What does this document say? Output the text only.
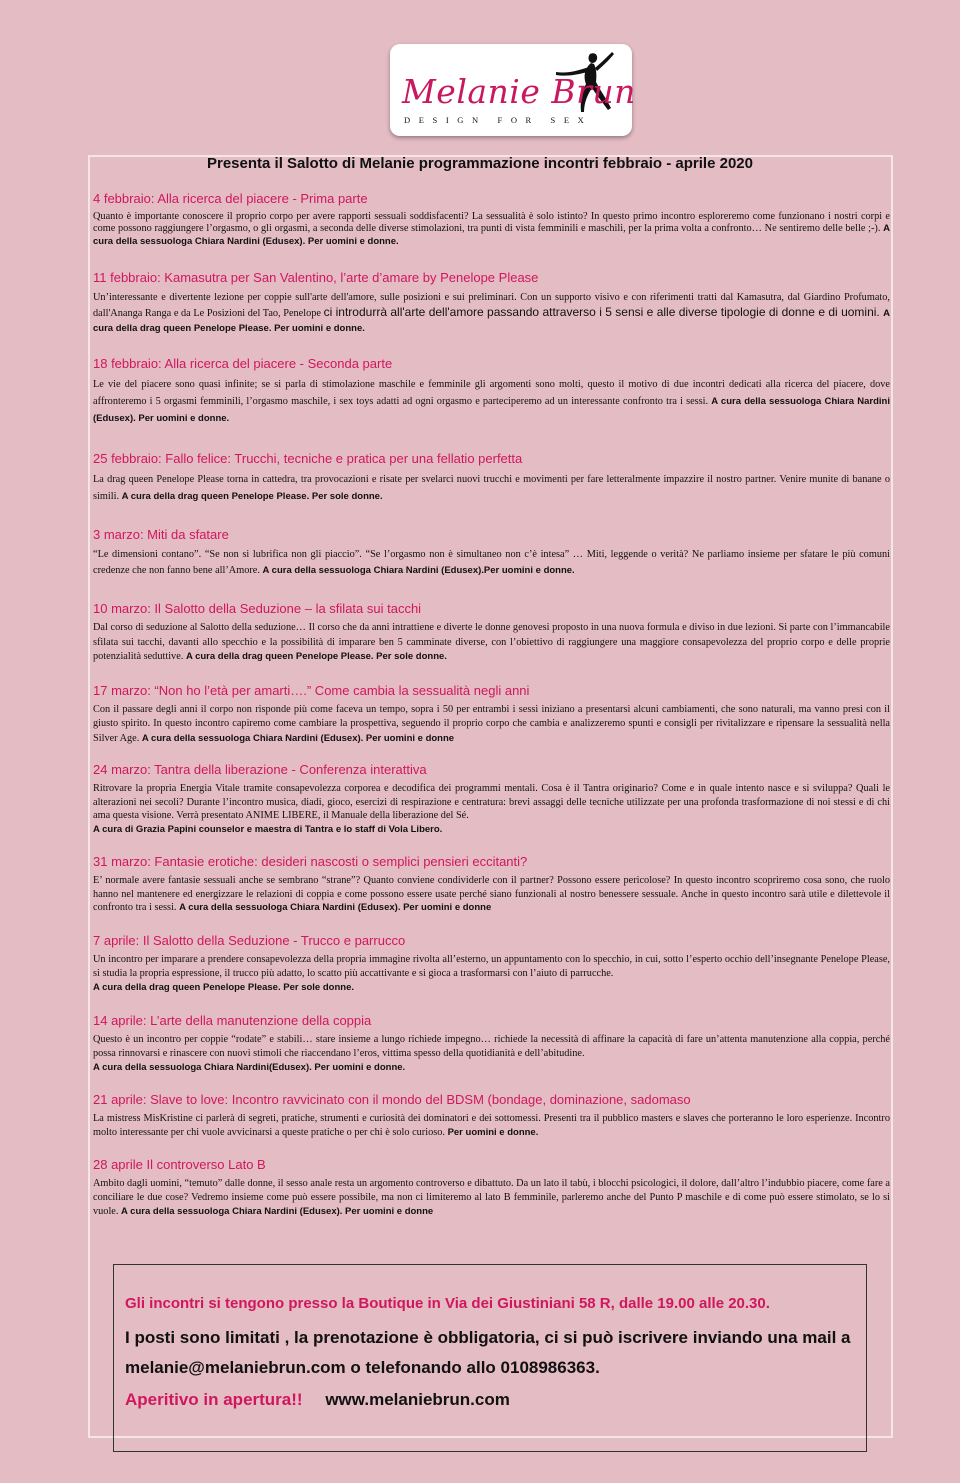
Melanie Brun
DESIGN FOR SEX
Presenta il Salotto di Melanie programmazione incontri febbraio - aprile 2020
4 febbraio: Alla ricerca del piacere - Prima parte

Quanto è importante conoscere il proprio corpo per avere rapporti sessuali soddisfacenti? La sessualità è solo istinto? In questo primo incontro esploreremo come funzionano i nostri corpi e come possono raggiungere l’orgasmo, o gli orgasmi, a seconda delle diverse stimolazioni, tra punti di vista femminili e maschili, per la prima volta a confronto… Ne sentiremo delle belle ;-). A cura della sessuologa Chiara Nardini (Edusex). Per uomini e donne.

11 febbraio: Kamasutra per San Valentino, l’arte d’amare by Penelope Please

Un’interessante e divertente lezione per coppie sull'arte dell'amore, sulle posizioni e sui preliminari. Con un supporto visivo e con riferimenti tratti dal Kamasutra, dal Giardino Profumato, dall'Ananga Ranga e da Le Posizioni del Tao, Penelope ci introdurrà all'arte dell'amore passando attraverso i 5 sensi e alle diverse tipologie di donne e di uomini. A cura della drag queen Penelope Please. Per uomini e donne.

18 febbraio: Alla ricerca del piacere - Seconda parte

Le vie del piacere sono quasi infinite; se si parla di stimolazione maschile e femminile gli argomenti sono molti, questo il motivo di due incontri dedicati alla ricerca del piacere, dove affronteremo i 5 orgasmi femminili, l’orgasmo maschile, i sex toys adatti ad ogni orgasmo e parteciperemo ad un interessante confronto tra i sessi. A cura della sessuologa Chiara Nardini (Edusex). Per uomini e donne.

25 febbraio: Fallo felice: Trucchi, tecniche e pratica per una fellatio perfetta

La drag queen Penelope Please torna in cattedra, tra provocazioni e risate per svelarci nuovi trucchi e movimenti per fare letteralmente impazzire il nostro partner. Venire munite di banane o simili. A cura della drag queen Penelope Please. Per sole donne.

3 marzo: Miti da sfatare

“Le dimensioni contano”. “Se non si lubrifica non gli piaccio”. “Se l’orgasmo non è simultaneo non c’è intesa” … Miti, leggende o verità? Ne parliamo insieme per sfatare le più comuni credenze che non fanno bene all’Amore. A cura della sessuologa Chiara Nardini (Edusex).Per uomini e donne.

10 marzo: Il Salotto della Seduzione – la sfilata sui tacchi

Dal corso di seduzione al Salotto della seduzione… Il corso che da anni intrattiene e diverte le donne genovesi proposto in una nuova formula e diviso in due lezioni. Si parte con l’immancabile sfilata sui tacchi, davanti allo specchio e la possibilità di imparare ben 5 camminate diverse, con l’obiettivo di raggiungere una maggiore consapevolezza del proprio corpo e delle proprie potenzialità seduttive. A cura della drag queen Penelope Please. Per sole donne.

17 marzo: “Non ho l’età per amarti….” Come cambia la sessualità negli anni

Con il passare degli anni il corpo non risponde più come faceva un tempo, sopra i 50 per entrambi i sessi iniziano a presentarsi alcuni cambiamenti, che sono naturali, ma vanno presi con il giusto spirito. In questo incontro capiremo come cambiare la prospettiva, seguendo il proprio corpo che cambia e analizzeremo spunti e consigli per rivitalizzare e ripensare la sessualità nella Silver Age. A cura della sessuologa Chiara Nardini (Edusex). Per uomini e donne

24 marzo: Tantra della liberazione - Conferenza interattiva

Ritrovare la propria Energia Vitale tramite consapevolezza corporea e decodifica dei programmi mentali. Cosa è il Tantra originario? Come e in quale intento nasce e si sviluppa? Quali le alterazioni nei secoli? Durante l’incontro musica, diadi, gioco, esercizi di respirazione e centratura: brevi assaggi delle tecniche utilizzate per una profonda trasformazione di noi stessi e di chi ama questa visione. Verrà presentato ANIME LIBERE, il Manuale della liberazione del Sé.
A cura di Grazia Papini counselor e maestra di Tantra e lo staff di Vola Libero.

31 marzo: Fantasie erotiche: desideri nascosti o semplici pensieri eccitanti?

E’ normale avere fantasie sessuali anche se sembrano “strane”? Quanto conviene condividerle con il partner? Possono essere pericolose? In questo incontro scopriremo cosa sono, che ruolo hanno nel mantenere ed energizzare le relazioni di coppia e come possono essere usate perché siano funzionali al nostro benessere sessuale. Anche in questo incontro sarà utile e dilettevole il confronto tra i sessi. A cura della sessuologa Chiara Nardini (Edusex). Per uomini e donne

7 aprile: Il Salotto della Seduzione - Trucco e parrucco

Un incontro per imparare a prendere consapevolezza della propria immagine rivolta all’esterno, un appuntamento con lo specchio, in cui, sotto l’esperto occhio dell’insegnante Penelope Please, si studia la propria espressione, il trucco più adatto, lo scatto più accattivante e si gioca a trasformarsi con l’aiuto di parrucche.
A cura della drag queen Penelope Please. Per sole donne.

14 aprile: L’arte della manutenzione della coppia

Questo è un incontro per coppie “rodate” e stabili… stare insieme a lungo richiede impegno… richiede la necessità di affinare la capacità di fare un’attenta manutenzione alla coppia, perché possa rinnovarsi e rinascere con nuovi stimoli che riaccendano l’eros, vittima spesso della quotidianità e dell’abitudine.
A cura della sessuologa Chiara Nardini(Edusex). Per uomini e donne.

21 aprile: Slave to love: Incontro ravvicinato con il mondo del BDSM (bondage, dominazione, sadomaso

La mistress MisKristine ci parlerà di segreti, pratiche, strumenti e curiosità dei dominatori e dei sottomessi. Presenti tra il pubblico masters e slaves che porteranno le loro esperienze. Incontro molto interessante per chi vuole avvicinarsi a queste pratiche o per chi è solo curioso. Per uomini e donne.

28 aprile Il controverso Lato B

Ambito dagli uomini, “temuto” dalle donne, il sesso anale resta un argomento controverso e dibattuto. Da un lato il tabù, i blocchi psicologici, il dolore, dall’altro l’indubbio piacere, come fare a conciliare le due cose? Vedremo insieme come può essere possibile, ma non ci limiteremo al lato B femminile, parleremo anche del Punto P maschile e di come può essere stimolato, se lo si vuole. A cura della sessuologa Chiara Nardini (Edusex). Per uomini e donne

Gli incontri si tengono presso la Boutique in Via dei Giustiniani 58 R, dalle 19.00 alle 20.30.
I posti sono limitati , la prenotazione è obbligatoria, ci si può iscrivere inviando una mail a melanie@melaniebrun.com o telefonando allo 0108986363.
Aperitivo in apertura!! www.melaniebrun.com
